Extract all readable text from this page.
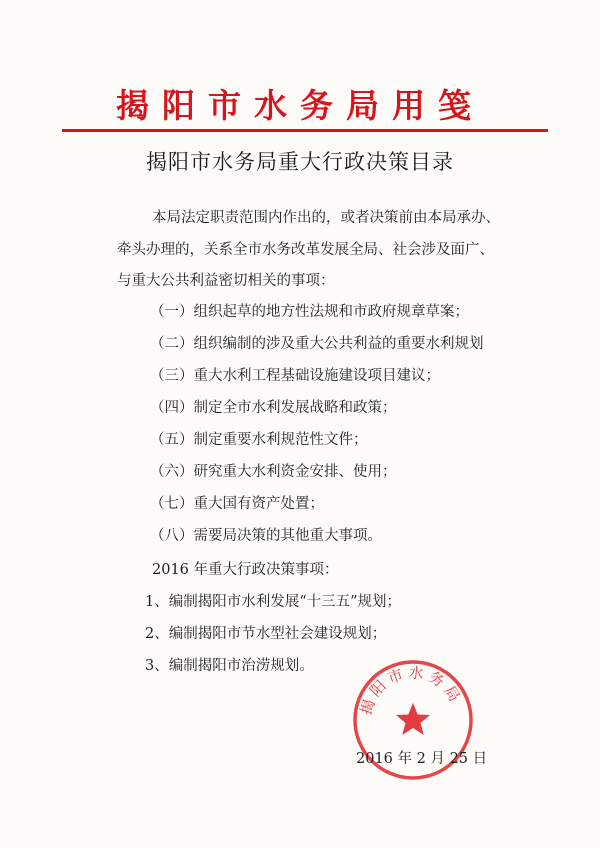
揭阳市水务局用笺
揭阳市水务局重大行政决策目录
本局法定职责范围内作出的，或者决策前由本局承办、
牵头办理的，关系全市水务改革发展全局、社会涉及面广、
与重大公共利益密切相关的事项：
（一）组织起草的地方性法规和市政府规章草案；
（二）组织编制的涉及重大公共利益的重要水利规划
（三）重大水利工程基础设施建设项目建议；
（四）制定全市水利发展战略和政策；
（五）制定重要水利规范性文件；
（六）研究重大水利资金安排、使用；
（七）重大国有资产处置；
（八）需要局决策的其他重大事项。
2016 年重大行政决策事项：
1、编制揭阳市水利发展“十三五”规划；
2、编制揭阳市节水型社会建设规划；
3、编制揭阳市治涝规划。
揭阳市水务局
2016 年 2 月 25 日
